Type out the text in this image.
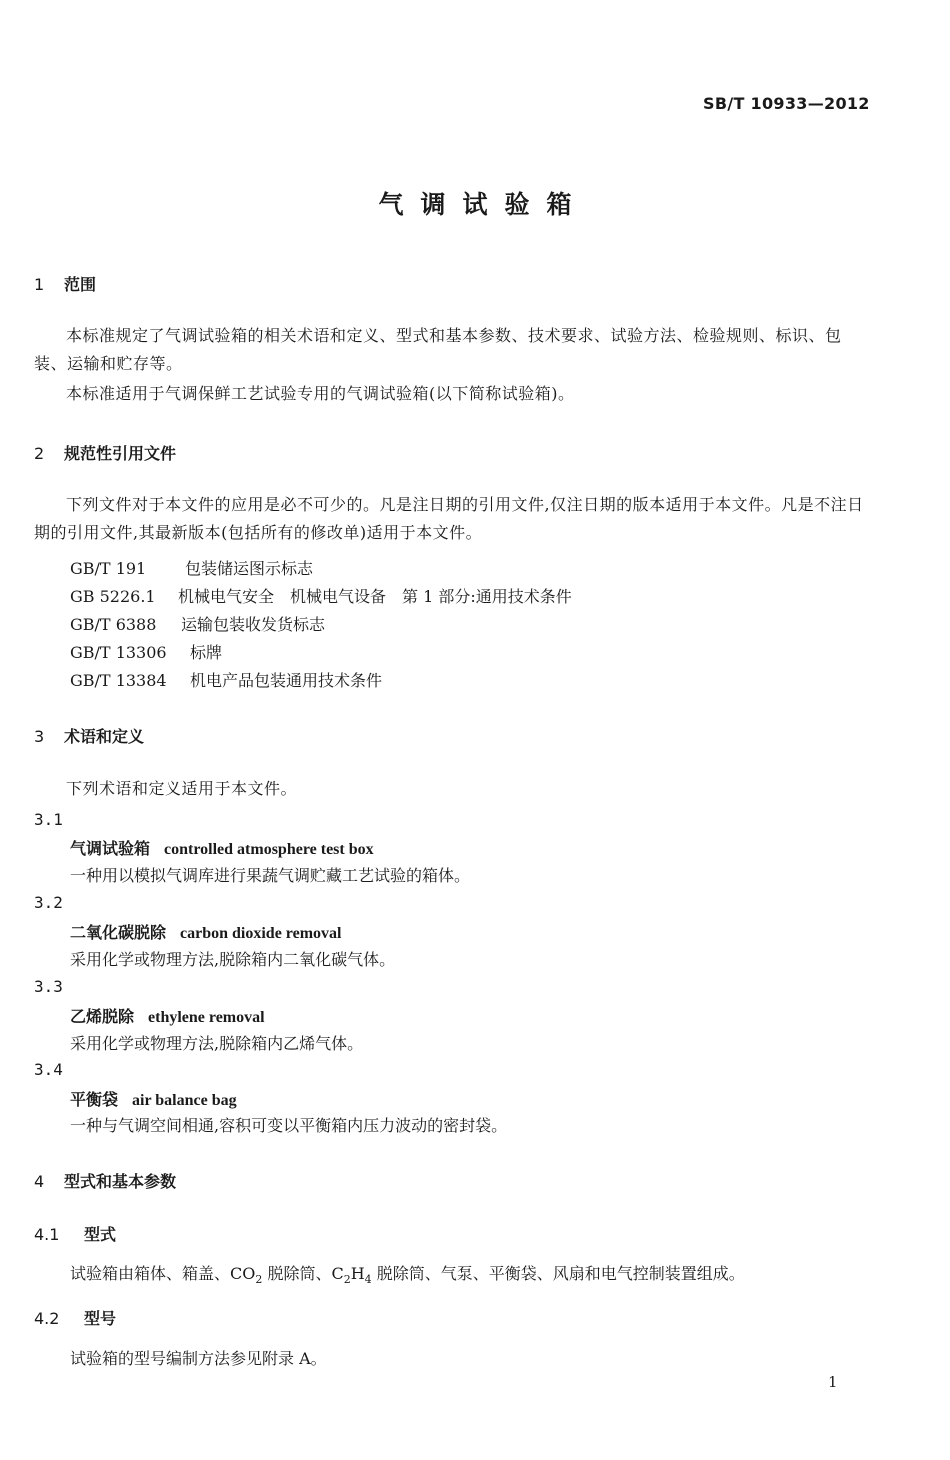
SB/T 10933—2012
气调试验箱
1 范围
本标准规定了气调试验箱的相关术语和定义、型式和基本参数、技术要求、试验方法、检验规则、标识、包装、运输和贮存等。
本标准适用于气调保鲜工艺试验专用的气调试验箱(以下简称试验箱)。
2 规范性引用文件
下列文件对于本文件的应用是必不可少的。凡是注日期的引用文件,仅注日期的版本适用于本文件。凡是不注日期的引用文件,其最新版本(包括所有的修改单)适用于本文件。
GB/T 191 包装储运图示标志
GB 5226.1 机械电气安全　机械电气设备　第 1 部分:通用技术条件
GB/T 6388 运输包装收发货标志
GB/T 13306 标牌
GB/T 13384 机电产品包装通用技术条件
3 术语和定义
下列术语和定义适用于本文件。
3.1
气调试验箱 controlled atmosphere test box
一种用以模拟气调库进行果蔬气调贮藏工艺试验的箱体。
3.2
二氧化碳脱除 carbon dioxide removal
采用化学或物理方法,脱除箱内二氧化碳气体。
3.3
乙烯脱除 ethylene removal
采用化学或物理方法,脱除箱内乙烯气体。
3.4
平衡袋 air balance bag
一种与气调空间相通,容积可变以平衡箱内压力波动的密封袋。
4 型式和基本参数
4.1 型式
试验箱由箱体、箱盖、$CO_2$ 脱除筒、$C_2H_4$ 脱除筒、气泵、平衡袋、风扇和电气控制装置组成。
4.2 型号
试验箱的型号编制方法参见附录 A。
1
